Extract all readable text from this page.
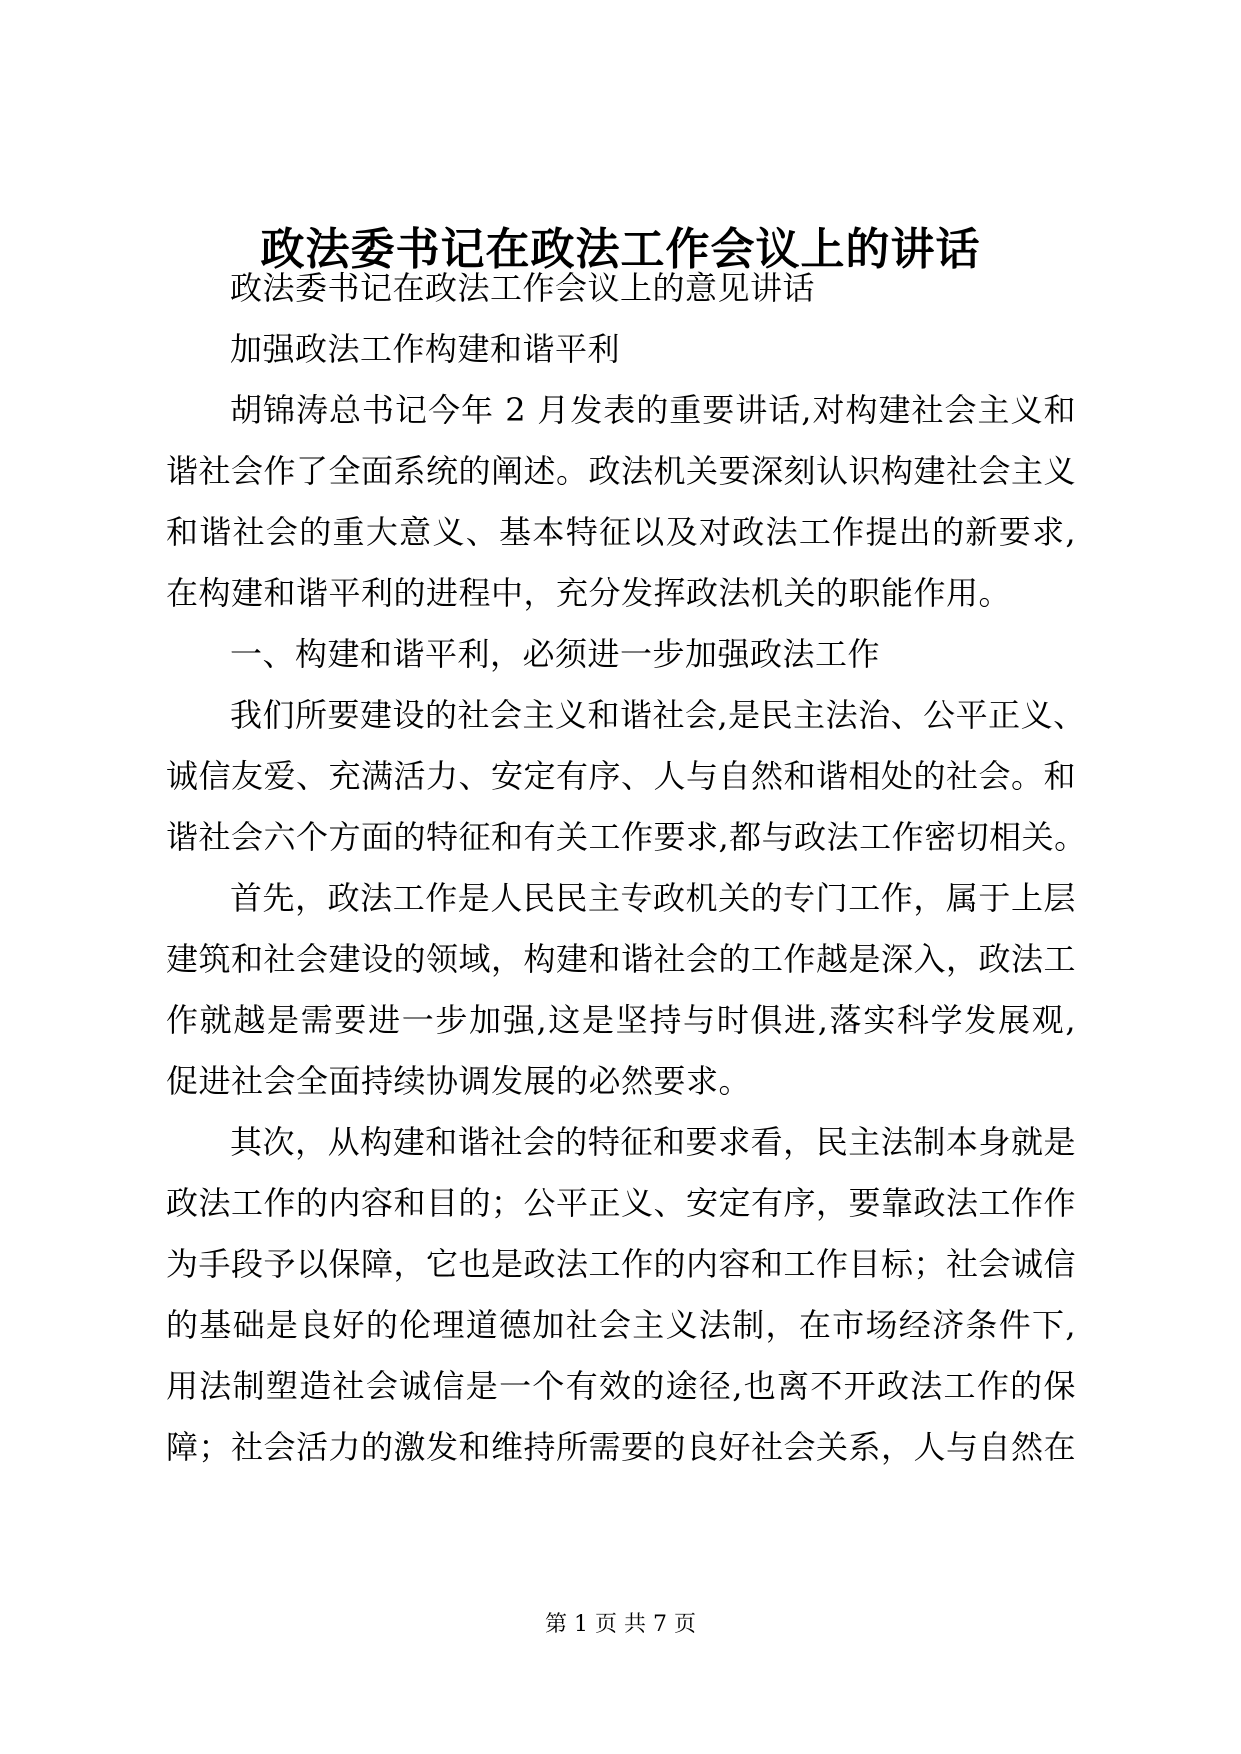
政法委书记在政法工作会议上的讲话
政法委书记在政法工作会议上的意见讲话
加强政法工作构建和谐平利
胡锦涛总书记今年 2 月发表的重要讲话,对构建社会主义和
谐社会作了全面系统的阐述。政法机关要深刻认识构建社会主义
和谐社会的重大意义、基本特征以及对政法工作提出的新要求,
在构建和谐平利的进程中，充分发挥政法机关的职能作用。
一、构建和谐平利，必须进一步加强政法工作
我们所要建设的社会主义和谐社会,是民主法治、公平正义、
诚信友爱、充满活力、安定有序、人与自然和谐相处的社会。和
谐社会六个方面的特征和有关工作要求,都与政法工作密切相关。
首先，政法工作是人民民主专政机关的专门工作，属于上层
建筑和社会建设的领域，构建和谐社会的工作越是深入，政法工
作就越是需要进一步加强,这是坚持与时俱进,落实科学发展观,
促进社会全面持续协调发展的必然要求。
其次，从构建和谐社会的特征和要求看，民主法制本身就是
政法工作的内容和目的；公平正义、安定有序，要靠政法工作作
为手段予以保障，它也是政法工作的内容和工作目标；社会诚信
的基础是良好的伦理道德加社会主义法制，在市场经济条件下,
用法制塑造社会诚信是一个有效的途径,也离不开政法工作的保
障；社会活力的激发和维持所需要的良好社会关系，人与自然在
第 1 页 共 7 页
